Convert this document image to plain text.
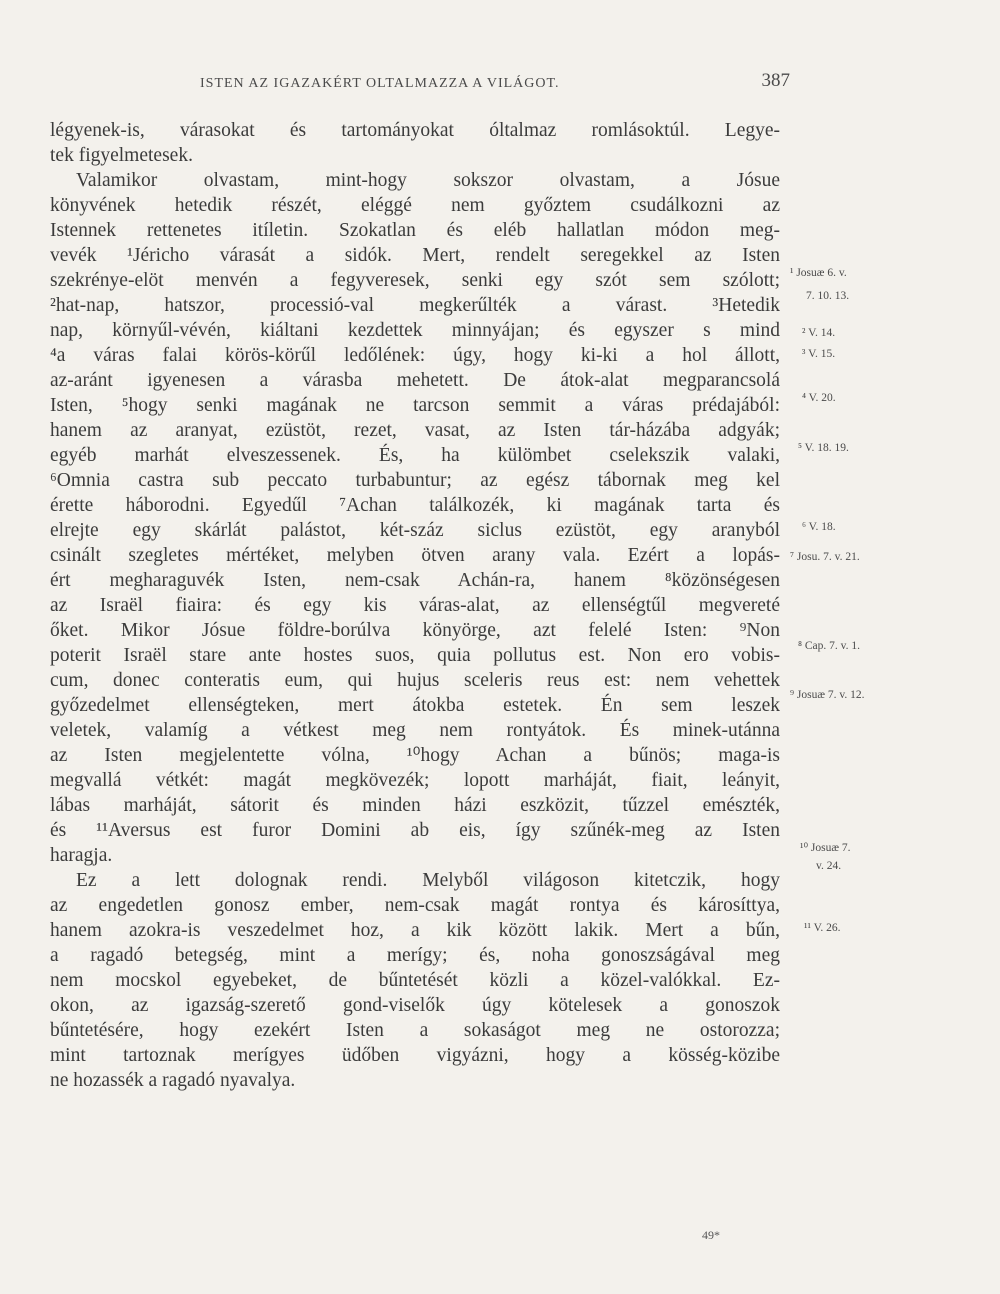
ISTEN AZ IGAZAKÉRT OLTALMAZZA A VILÁGOT.	387
légyenek-is, várasokat és tartományokat óltalmaz romlásoktúl. Legye-
tek figyelmetesek.
Valamikor olvastam, mint-hogy sokszor olvastam, a Jósue
könyvének hetedik részét, eléggé nem győztem csudálkozni az
Istennek rettenetes itíletin. Szokatlan és eléb hallatlan módon meg-
vevék ¹Jéricho várasát a sidók. Mert, rendelt seregekkel az Isten
szekrénye-elöt menvén a fegyveresek, senki egy szót sem szólott;
²hat-nap, hatszor, processió-val megkerűlték a várast. ³Hetedik
nap, környűl-vévén, kiáltani kezdettek minnyájan; és egyszer s mind
⁴a váras falai körös-körűl ledőlének: úgy, hogy ki-ki a hol állott,
az-aránt igyenesen a várasba mehetett. De átok-alat megparancsolá
Isten, ⁵hogy senki magának ne tarcson semmit a váras prédajából:
hanem az aranyat, ezüstöt, rezet, vasat, az Isten tár-házába adgyák;
egyéb marhát elveszessenek. És, ha külömbet cselekszik valaki,
⁶Omnia castra sub peccato turbabuntur; az egész tábornak meg kel
érette háborodni. Egyedűl ⁷Achan találkozék, ki magának tarta és
elrejte egy skárlát palástot, két-száz siclus ezüstöt, egy aranyból
csinált szegletes mértéket, melyben ötven arany vala. Ezért a lopás-
ért megharaguvék Isten, nem-csak Achán-ra, hanem ⁸közönségesen
az Israël fiaira: és egy kis váras-alat, az ellenségtűl megvereté
őket. Mikor Jósue földre-borúlva könyörge, azt felelé Isten: ⁹Non
poterit Israël stare ante hostes suos, quia pollutus est. Non ero vobis-
cum, donec conteratis eum, qui hujus sceleris reus est: nem vehettek
győzedelmet ellenségteken, mert átokba estetek. Én sem leszek
veletek, valamíg a vétkest meg nem rontyátok. És minek-utánna
az Isten megjelentette vólna, ¹⁰hogy Achan a bűnös; maga-is
megvallá vétkét: magát megkövezék; lopott marháját, fiait, leányit,
lábas marháját, sátorit és minden házi eszközit, tűzzel emészték,
és ¹¹Aversus est furor Domini ab eis, így szűnék-meg az Isten
haragja.
Ez a lett dolognak rendi. Melyből világoson kitetczik, hogy
az engedetlen gonosz ember, nem-csak magát rontya és károsíttya,
hanem azokra-is veszedelmet hoz, a kik között lakik. Mert a bűn,
a ragadó betegség, mint a merígy; és, noha gonoszságával meg
nem mocskol egyebeket, de bűntetését közli a közel-valókkal. Ez-
okon, az igazság-szerető gond-viselők úgy kötelesek a gonoszok
bűntetésére, hogy ezekért Isten a sokaságot meg ne ostorozza;
mint tartoznak merígyes üdőben vigyázni, hogy a kösség-közibe
ne hozassék a ragadó nyavalya.
¹ Josuæ 6. v.
7. 10. 13.
² V. 14.
³ V. 15.
⁴ V. 20.
⁵ V. 18. 19.
⁶ V. 18.
⁷ Josu. 7. v. 21.
⁸ Cap. 7. v. 1.
⁹ Josuæ 7. v. 12.
¹⁰ Josuæ 7.
v. 24.
¹¹ V. 26.
49*
